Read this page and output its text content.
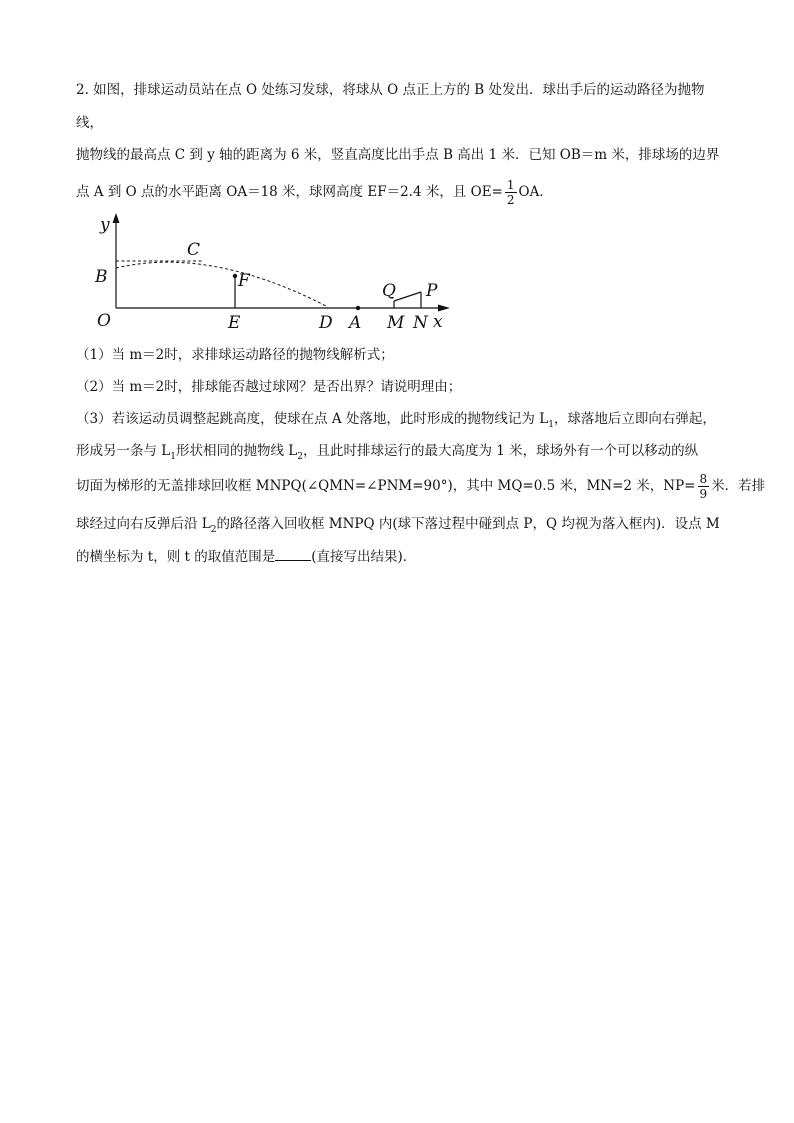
2. 如图，排球运动员站在点 O 处练习发球，将球从 O 点正上方的 B 处发出．球出手后的运动路径为抛物
线，
抛物线的最高点 C 到 y 轴的距离为 6 米，竖直高度比出手点 B 高出 1 米．已知 OB＝m 米，排球场的边界
点 A 到 O 点的水平距离 OA＝18 米，球网高度 EF＝2.4 米，且 $OE= \frac{1}{2}$ OA．
y
B
C
F
O	E	D A
Q P
M N x
（1）当 m＝2时，求排球运动路径的抛物线解析式；
（2）当 m＝2时，排球能否越过球网？是否出界？请说明理由；
（3）若该运动员调整起跳高度，使球在点 A 处落地，此时形成的抛物线记为 $L_1$，球落地后立即向右弹起，
形成另一条与 $L_1$形状相同的抛物线 $L_2$，且此时排球运行的最大高度为 1 米，球场外有一个可以移动的纵
切面为梯形的无盖排球回收框 MNPQ(∠QMN=∠PNM=90°)，其中 MQ=0.5 米，MN=2 米，$NP= \frac{8}{9}$ 米．若排
球经过向右反弹后沿 $L_2$的路径落入回收框 MNPQ 内(球下落过程中碰到点 P，Q 均视为落入框内)．设点 M
的横坐标为 t，则 t 的取值范围是	(直接写出结果)．
